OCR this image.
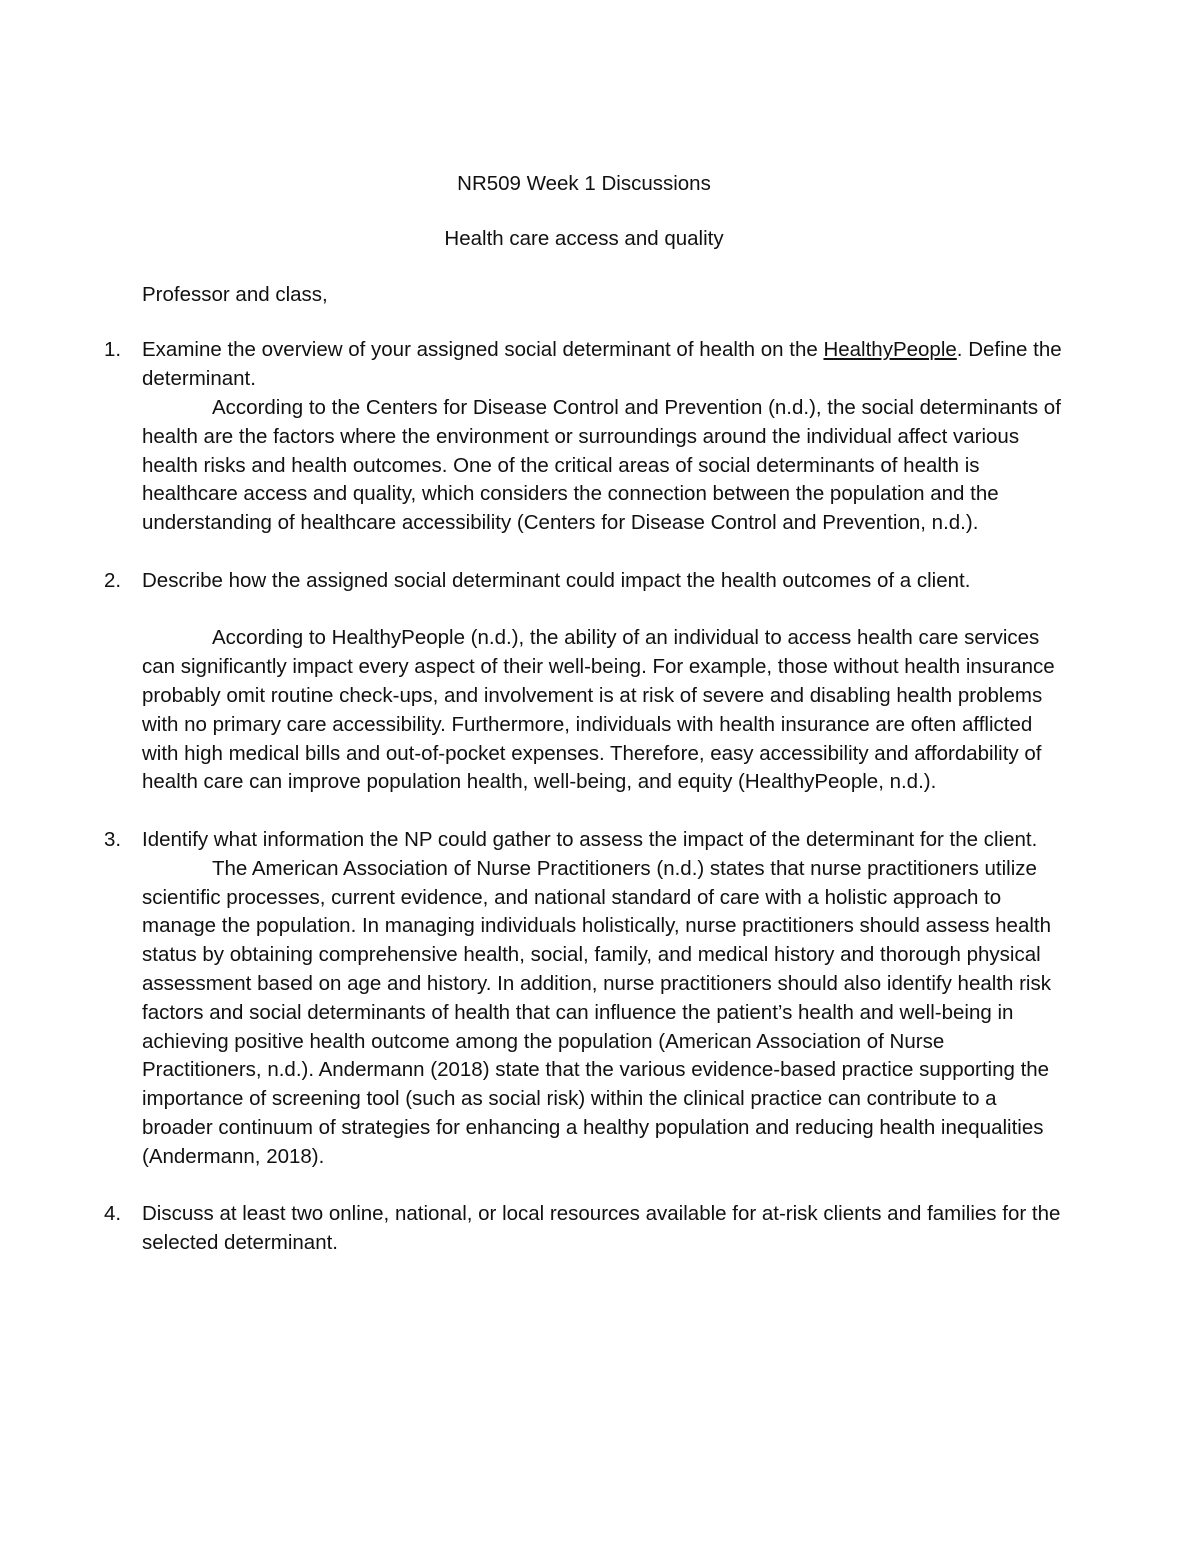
NR509 Week 1 Discussions

Health care access and quality

Professor and class,

1.	Examine the overview of your assigned social determinant of health on the HealthyPeople. Define the determinant.

According to the Centers for Disease Control and Prevention (n.d.), the social determinants of health are the factors where the environment or surroundings around the individual affect various health risks and health outcomes. One of the critical areas of social determinants of health is healthcare access and quality, which considers the connection between the population and the understanding of healthcare accessibility (Centers for Disease Control and Prevention, n.d.).

2.	Describe how the assigned social determinant could impact the health outcomes of a client.

According to HealthyPeople (n.d.), the ability of an individual to access health care services can significantly impact every aspect of their well-being. For example, those without health insurance probably omit routine check-ups, and involvement is at risk of severe and disabling health problems with no primary care accessibility. Furthermore, individuals with health insurance are often afflicted with high medical bills and out-of-pocket expenses. Therefore, easy accessibility and affordability of health care can improve population health, well-being, and equity (HealthyPeople, n.d.).

3.	Identify what information the NP could gather to assess the impact of the determinant for the client.

The American Association of Nurse Practitioners (n.d.) states that nurse practitioners utilize scientific processes, current evidence, and national standard of care with a holistic approach to manage the population. In managing individuals holistically, nurse practitioners should assess health status by obtaining comprehensive health, social, family, and medical history and thorough physical assessment based on age and history. In addition, nurse practitioners should also identify health risk factors and social determinants of health that can influence the patient’s health and well-being in achieving positive health outcome among the population (American Association of Nurse Practitioners, n.d.). Andermann (2018) state that the various evidence-based practice supporting the importance of screening tool (such as social risk) within the clinical practice can contribute to a broader continuum of strategies for enhancing a healthy population and reducing health inequalities (Andermann, 2018).

4.	Discuss at least two online, national, or local resources available for at-risk clients and families for the selected determinant.
